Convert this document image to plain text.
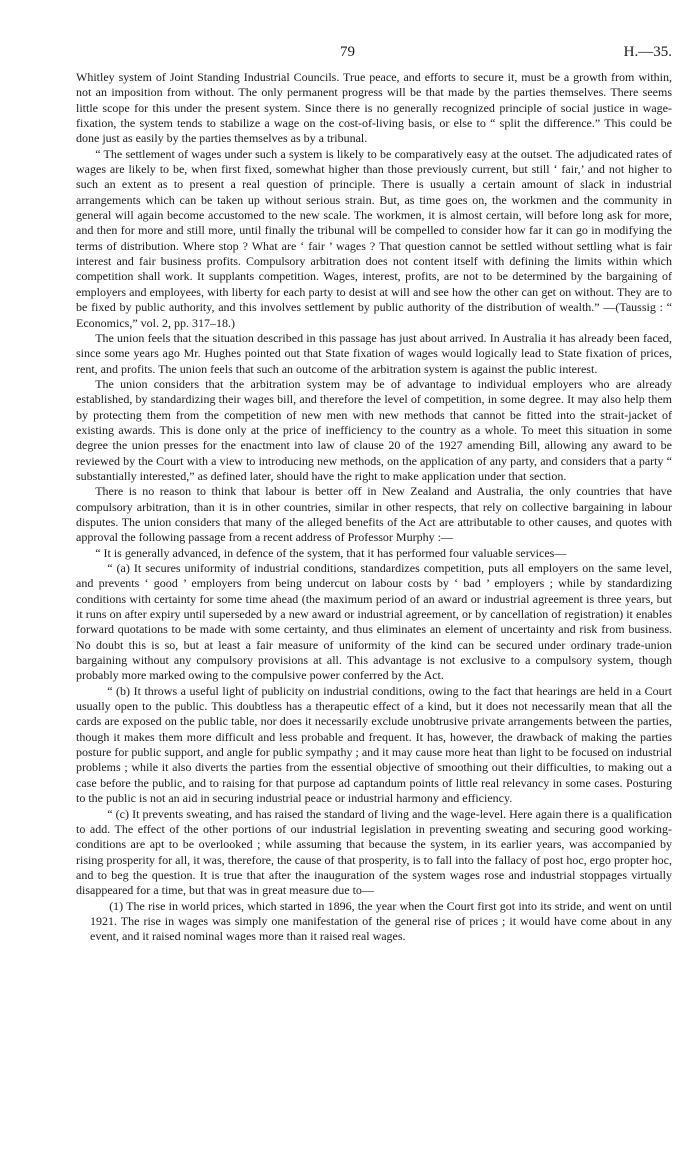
79	H.—35.

Whitley system of Joint Standing Industrial Councils. True peace, and efforts to secure it, must be a growth from within, not an imposition from without. The only permanent progress will be that made by the parties themselves. There seems little scope for this under the present system. Since there is no generally recognized principle of social justice in wage-fixation, the system tends to stabilize a wage on the cost-of-living basis, or else to “ split the difference.” This could be done just as easily by the parties themselves as by a tribunal.

“ The settlement of wages under such a system is likely to be comparatively easy at the outset. The adjudicated rates of wages are likely to be, when first fixed, somewhat higher than those previously current, but still ‘ fair,’ and not higher to such an extent as to present a real question of principle. There is usually a certain amount of slack in industrial arrangements which can be taken up without serious strain. But, as time goes on, the workmen and the community in general will again become accustomed to the new scale. The workmen, it is almost certain, will before long ask for more, and then for more and still more, until finally the tribunal will be compelled to consider how far it can go in modifying the terms of distribution. Where stop ? What are ‘ fair ’ wages ? That question cannot be settled without settling what is fair interest and fair business profits. Compulsory arbitration does not content itself with defining the limits within which competition shall work. It supplants competition. Wages, interest, profits, are not to be determined by the bargaining of employers and employees, with liberty for each party to desist at will and see how the other can get on without. They are to be fixed by public authority, and this involves settlement by public authority of the distribution of wealth.” —(Taussig : “ Economics,” vol. 2, pp. 317–18.)

The union feels that the situation described in this passage has just about arrived. In Australia it has already been faced, since some years ago Mr. Hughes pointed out that State fixation of wages would logically lead to State fixation of prices, rent, and profits. The union feels that such an outcome of the arbitration system is against the public interest.

The union considers that the arbitration system may be of advantage to individual employers who are already established, by standardizing their wages bill, and therefore the level of competition, in some degree. It may also help them by protecting them from the competition of new men with new methods that cannot be fitted into the strait-jacket of existing awards. This is done only at the price of inefficiency to the country as a whole. To meet this situation in some degree the union presses for the enactment into law of clause 20 of the 1927 amending Bill, allowing any award to be reviewed by the Court with a view to introducing new methods, on the application of any party, and considers that a party “ substantially interested,” as defined later, should have the right to make application under that section.

There is no reason to think that labour is better off in New Zealand and Australia, the only countries that have compulsory arbitration, than it is in other countries, similar in other respects, that rely on collective bargaining in labour disputes. The union considers that many of the alleged benefits of the Act are attributable to other causes, and quotes with approval the following passage from a recent address of Professor Murphy :—

“ It is generally advanced, in defence of the system, that it has performed four valuable services—

“ (a) It secures uniformity of industrial conditions, standardizes competition, puts all employers on the same level, and prevents ‘ good ’ employers from being undercut on labour costs by ‘ bad ’ employers ; while by standardizing conditions with certainty for some time ahead (the maximum period of an award or industrial agreement is three years, but it runs on after expiry until superseded by a new award or industrial agreement, or by cancellation of registration) it enables forward quotations to be made with some certainty, and thus eliminates an element of uncertainty and risk from business. No doubt this is so, but at least a fair measure of uniformity of the kind can be secured under ordinary trade-union bargaining without any compulsory provisions at all. This advantage is not exclusive to a compulsory system, though probably more marked owing to the compulsive power conferred by the Act.

“ (b) It throws a useful light of publicity on industrial conditions, owing to the fact that hearings are held in a Court usually open to the public. This doubtless has a therapeutic effect of a kind, but it does not necessarily mean that all the cards are exposed on the public table, nor does it necessarily exclude unobtrusive private arrangements between the parties, though it makes them more difficult and less probable and frequent. It has, however, the drawback of making the parties posture for public support, and angle for public sympathy ; and it may cause more heat than light to be focused on industrial problems ; while it also diverts the parties from the essential objective of smoothing out their difficulties, to making out a case before the public, and to raising for that purpose ad captandum points of little real relevancy in some cases. Posturing to the public is not an aid in securing industrial peace or industrial harmony and efficiency.

“ (c) It prevents sweating, and has raised the standard of living and the wage-level. Here again there is a qualification to add. The effect of the other portions of our industrial legislation in preventing sweating and securing good working-conditions are apt to be overlooked ; while assuming that because the system, in its earlier years, was accompanied by rising prosperity for all, it was, therefore, the cause of that prosperity, is to fall into the fallacy of post hoc, ergo propter hoc, and to beg the question. It is true that after the inauguration of the system wages rose and industrial stoppages virtually disappeared for a time, but that was in great measure due to—

(1) The rise in world prices, which started in 1896, the year when the Court first got into its stride, and went on until 1921. The rise in wages was simply one manifestation of the general rise of prices ; it would have come about in any event, and it raised nominal wages more than it raised real wages.
